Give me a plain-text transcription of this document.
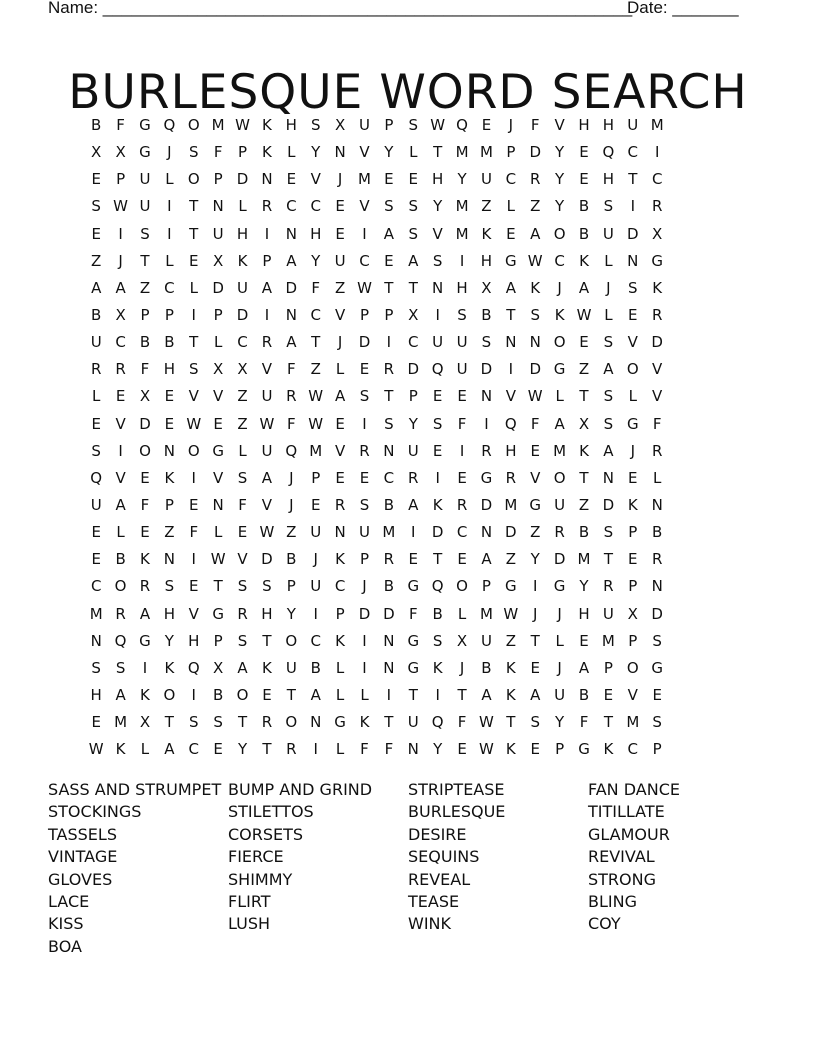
Name: ________________________________________________________
Date: _______
BURLESQUE WORD SEARCH
B F G Q O M W K H S X U P	S W Q E	J	F V H H U M
X X G	J	S	F	P K	L	Y N V Y	L	T M M P D Y	E Q C	I
E	P U L O P D N E V	J	M E E H Y U C R Y	E H T C
S W U	I	T N L R C C E V S S	Y M Z	L	Z Y B S	I	R
E	I	S	I	T U H	I	N H E	I	A S V M K E A O B U D X
Z	J	T	L	E X K P A Y U C E A S	I	H G W C K	L N G
A A Z C L D U A D F Z W T	T N H X A K	J	A	J	S K
B X P	P	I	P D	I	N C V P	P X	I	S B T	S K W L	E R
U C B B T	L C R A T	J	D	I	C U U S N N O E S V D
R R F H S X X V F Z	L	E R D Q U D	I	D G Z A O V
L	E X E V V Z U R W A S	T	P	E E N V W L	T	S	L	V
E V D E W E Z W F W E	I	S	Y	S	F	I	Q F A X S G F
S	I	O N O G L U Q M V R N U E	I	R H E M K A	J	R
Q V E K	I	V S A	J	P	E E C R	I	E G R V O T N E	L
U A F	P	E N F V	J	E R S B A K R D M G U Z D K N
E	L	E Z F	L	E W Z U N U M	I	D C N D Z R B S	P B
E B K N	I W V D B	J	K P R E	T	E A Z Y D M T	E R
C O R S E	T	S S	P U C	J	B G Q O P G	I	G Y R P N
M R A H V G R H Y	I	P D D F B	L M W J	J	H U X D
N Q G Y H P	S	T O C K	I	N G S X U Z T	L	E M P	S
S S	I	K Q X A K U B	L	I	N G K	J	B K E	J	A P O G
H A K O	I	B O E	T A	L	L	I	T	I	T A K A U B E V E
E M X T	S S	T R O N G K T U Q F W T	S	Y	F	T M S
W K	L	A C E	Y	T R	I	L	F	F N Y	E W K E	P G K C P
SASS AND STRUMPET
STOCKINGS
TASSELS
VINTAGE
GLOVES
LACE
KISS
BOA
BUMP AND GRIND
STILETTOS
CORSETS
FIERCE
SHIMMY
FLIRT
LUSH
STRIPTEASE
BURLESQUE
DESIRE
SEQUINS
REVEAL
TEASE
WINK
FAN DANCE
TITILLATE
GLAMOUR
REVIVAL
STRONG
BLING
COY
